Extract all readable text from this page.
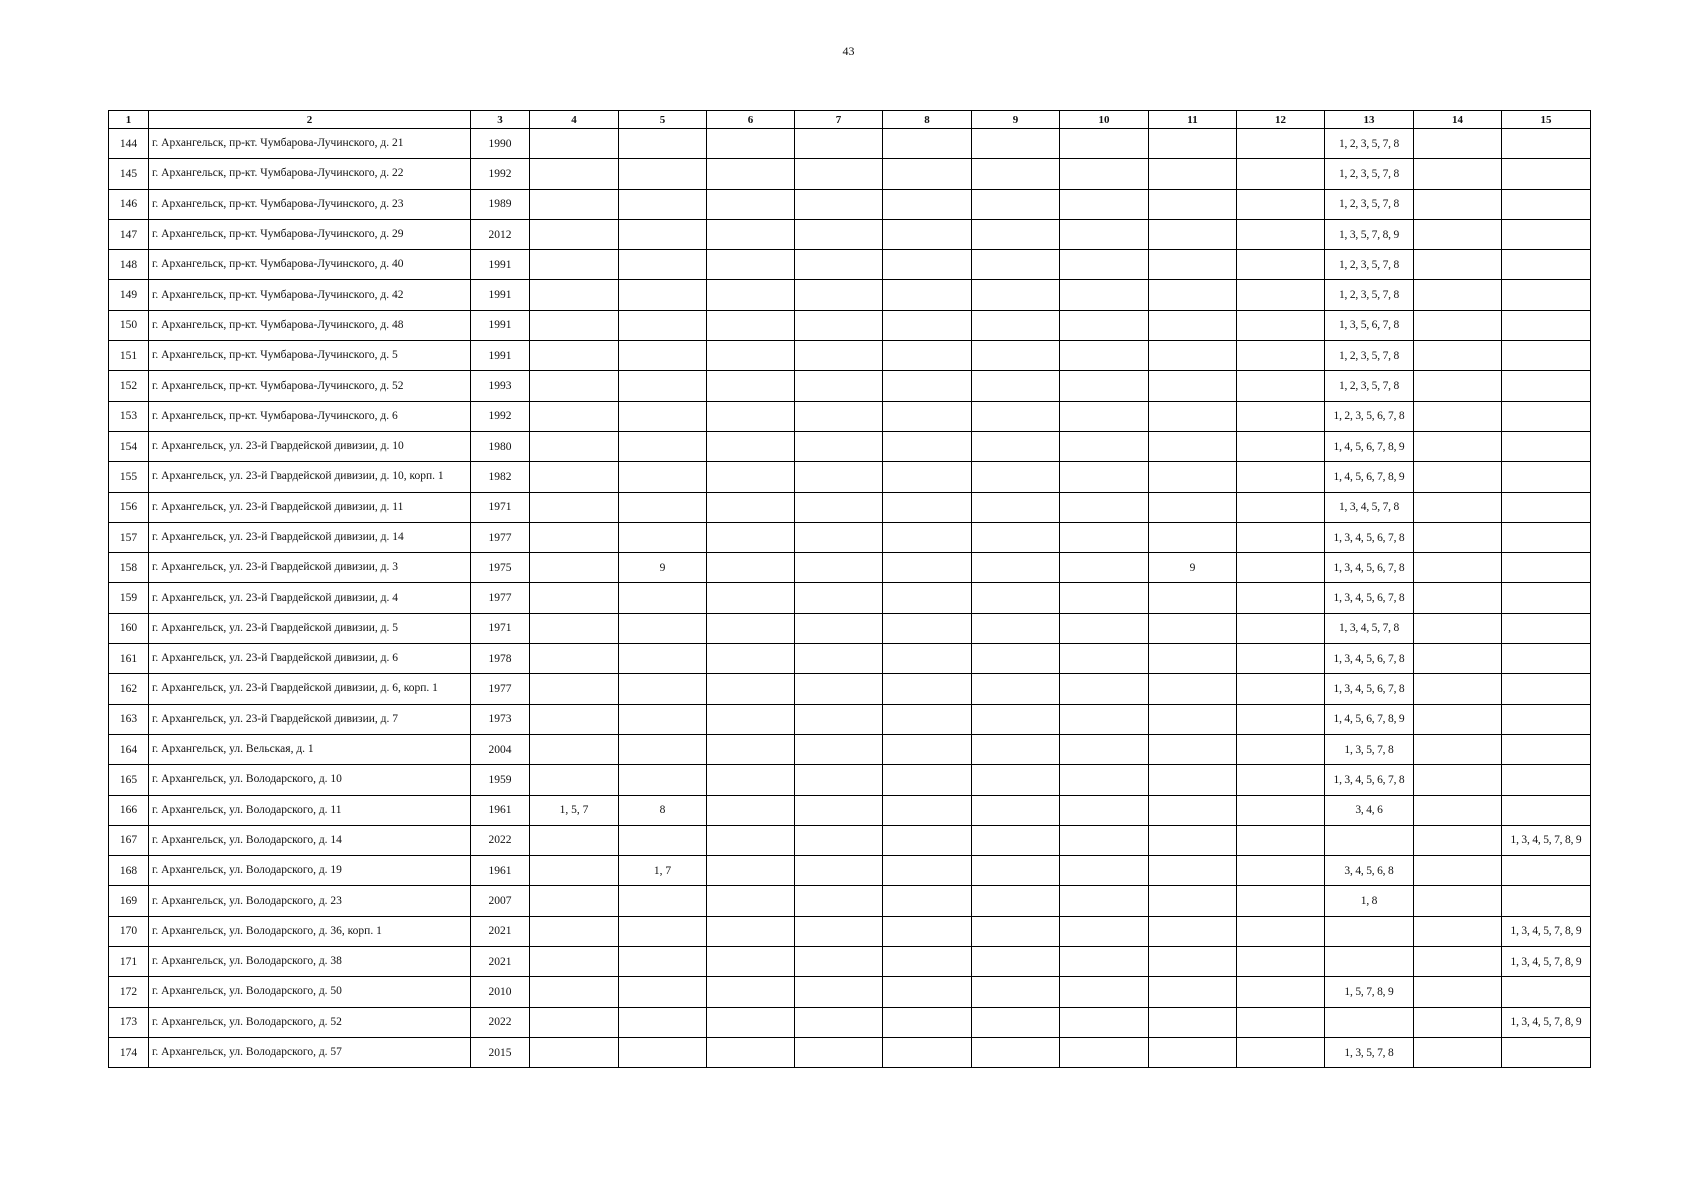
43
1	2	3	4	5	6	7	8	9	10	11	12	13	14	15
144	г. Архангельск, пр-кт. Чумбарова-Лучинского, д. 21	1990										1, 2, 3, 5, 7, 8		
145	г. Архангельск, пр-кт. Чумбарова-Лучинского, д. 22	1992										1, 2, 3, 5, 7, 8		
146	г. Архангельск, пр-кт. Чумбарова-Лучинского, д. 23	1989										1, 2, 3, 5, 7, 8		
147	г. Архангельск, пр-кт. Чумбарова-Лучинского, д. 29	2012										1, 3, 5, 7, 8, 9		
148	г. Архангельск, пр-кт. Чумбарова-Лучинского, д. 40	1991										1, 2, 3, 5, 7, 8		
149	г. Архангельск, пр-кт. Чумбарова-Лучинского, д. 42	1991										1, 2, 3, 5, 7, 8		
150	г. Архангельск, пр-кт. Чумбарова-Лучинского, д. 48	1991										1, 3, 5, 6, 7, 8		
151	г. Архангельск, пр-кт. Чумбарова-Лучинского, д. 5	1991										1, 2, 3, 5, 7, 8		
152	г. Архангельск, пр-кт. Чумбарова-Лучинского, д. 52	1993										1, 2, 3, 5, 7, 8		
153	г. Архангельск, пр-кт. Чумбарова-Лучинского, д. 6	1992										1, 2, 3, 5, 6, 7, 8		
154	г. Архангельск, ул. 23-й Гвардейской дивизии, д. 10	1980										1, 4, 5, 6, 7, 8, 9		
155	г. Архангельск, ул. 23-й Гвардейской дивизии, д. 10, корп. 1	1982										1, 4, 5, 6, 7, 8, 9		
156	г. Архангельск, ул. 23-й Гвардейской дивизии, д. 11	1971										1, 3, 4, 5, 7, 8		
157	г. Архангельск, ул. 23-й Гвардейской дивизии, д. 14	1977										1, 3, 4, 5, 6, 7, 8		
158	г. Архангельск, ул. 23-й Гвардейской дивизии, д. 3	1975		9						9		1, 3, 4, 5, 6, 7, 8		
159	г. Архангельск, ул. 23-й Гвардейской дивизии, д. 4	1977										1, 3, 4, 5, 6, 7, 8		
160	г. Архангельск, ул. 23-й Гвардейской дивизии, д. 5	1971										1, 3, 4, 5, 7, 8		
161	г. Архангельск, ул. 23-й Гвардейской дивизии, д. 6	1978										1, 3, 4, 5, 6, 7, 8		
162	г. Архангельск, ул. 23-й Гвардейской дивизии, д. 6, корп. 1	1977										1, 3, 4, 5, 6, 7, 8		
163	г. Архангельск, ул. 23-й Гвардейской дивизии, д. 7	1973										1, 4, 5, 6, 7, 8, 9		
164	г. Архангельск, ул. Вельская, д. 1	2004										1, 3, 5, 7, 8		
165	г. Архангельск, ул. Володарского, д. 10	1959										1, 3, 4, 5, 6, 7, 8		
166	г. Архангельск, ул. Володарского, д. 11	1961	1, 5, 7	8								3, 4, 6		
167	г. Архангельск, ул. Володарского, д. 14	2022												1, 3, 4, 5, 7, 8, 9
168	г. Архангельск, ул. Володарского, д. 19	1961		1, 7								3, 4, 5, 6, 8		
169	г. Архангельск, ул. Володарского, д. 23	2007										1, 8		
170	г. Архангельск, ул. Володарского, д. 36, корп. 1	2021												1, 3, 4, 5, 7, 8, 9
171	г. Архангельск, ул. Володарского, д. 38	2021												1, 3, 4, 5, 7, 8, 9
172	г. Архангельск, ул. Володарского, д. 50	2010										1, 5, 7, 8, 9		
173	г. Архангельск, ул. Володарского, д. 52	2022												1, 3, 4, 5, 7, 8, 9
174	г. Архангельск, ул. Володарского, д. 57	2015										1, 3, 5, 7, 8		
